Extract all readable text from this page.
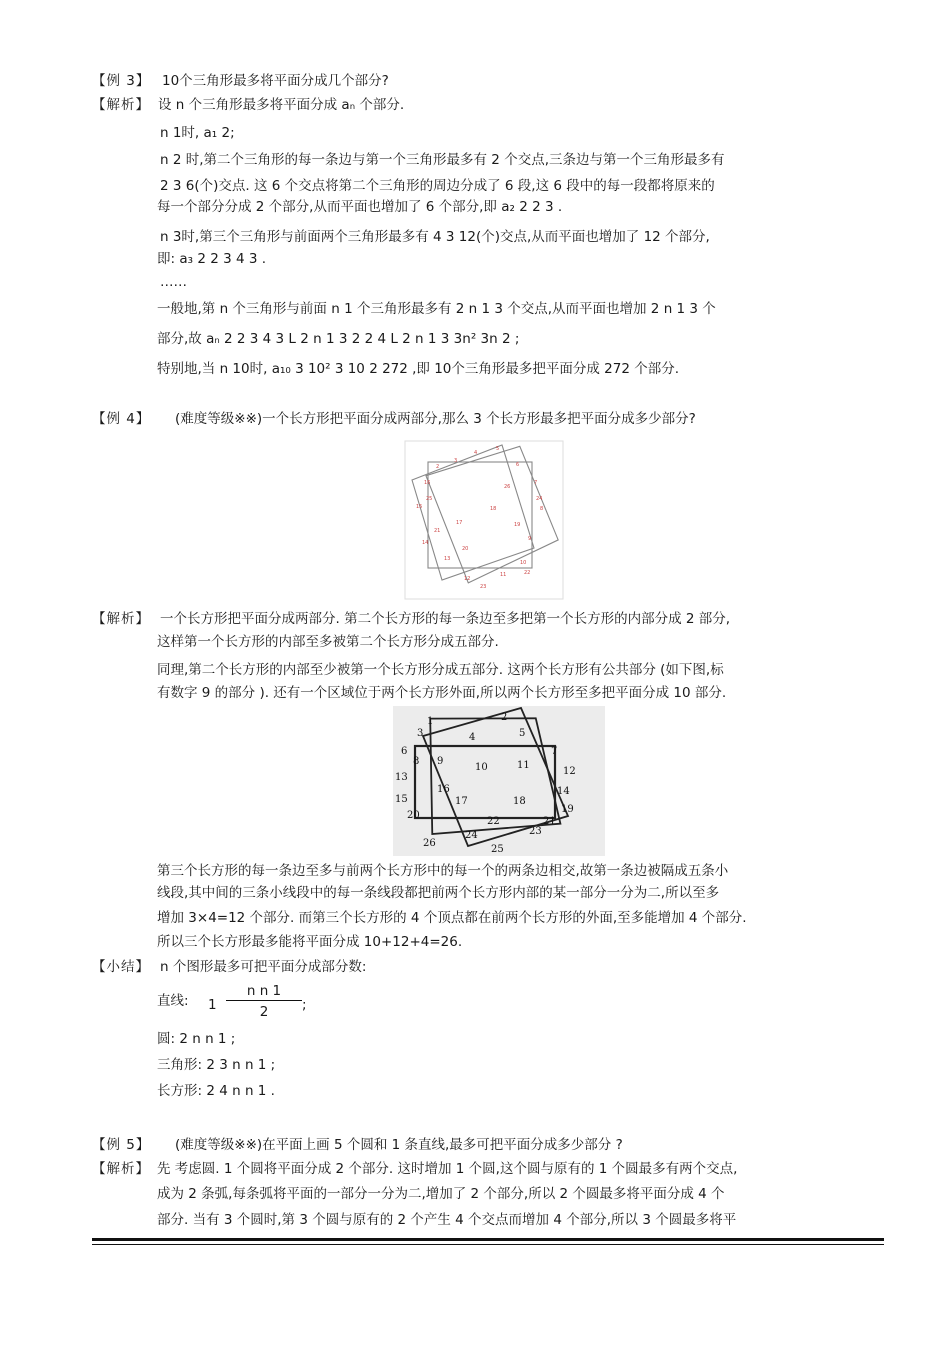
【例 3】 10个三角形最多将平面分成几个部分?
【解析】 设 n 个三角形最多将平面分成 aₙ 个部分.
n 1时, a₁ 2;
n 2 时,第二个三角形的每一条边与第一个三角形最多有 2 个交点,三条边与第一个三角形最多有
2 3 6(个)交点. 这 6 个交点将第二个三角形的周边分成了 6 段,这 6 段中的每一段都将原来的
每一个部分分成 2 个部分,从而平面也增加了 6 个部分,即 a₂ 2 2 3 .
n 3时,第三个三角形与前面两个三角形最多有 4 3 12(个)交点,从而平面也增加了 12 个部分,
即: a₃ 2 2 3 4 3 .
……
一般地,第 n 个三角形与前面 n 1 个三角形最多有 2 n 1 3 个交点,从而平面也增加 2 n 1 3 个
部分,故 aₙ 2 2 3 4 3 L 2 n 1 3 2 2 4 L 2 n 1 3 3n² 3n 2 ;
特别地,当 n 10时, a₁₀ 3 10² 3 10 2 272 ,即 10个三角形最多把平面分成 272 个部分.
【例 4】 (难度等级※※)一个长方形把平面分成两部分,那么 3 个长方形最多把平面分成多少部分?
2
3
4
5
6
7
8
9
10
11
12
13
14
15
16
17
18
19
20
21
22
23
24
25
26
【解析】 一个长方形把平面分成两部分. 第二个长方形的每一条边至多把第一个长方形的内部分成 2 部分,
这样第一个长方形的内部至多被第二个长方形分成五部分.
同理,第二个长方形的内部至少被第一个长方形分成五部分. 这两个长方形有公共部分 (如下图,标
有数字 9 的部分 ). 还有一个区域位于两个长方形外面,所以两个长方形至多把平面分成 10 部分.
1	2
3	4	5
6	7
8 9
10	11
12
13
14
15
16
17	18
19
20
21
22
23
24
25
26
第三个长方形的每一条边至多与前两个长方形中的每一个的两条边相交,故第一条边被隔成五条小
线段,其中间的三条小线段中的每一条线段都把前两个长方形内部的某一部分一分为二,所以至多
增加 3×4=12 个部分. 而第三个长方形的 4 个顶点都在前两个长方形的外面,至多能增加 4 个部分.
所以三个长方形最多能将平面分成 10+12+4=26.
【小结】 n 个图形最多可把平面分成部分数:
直线: $1 \frac{\text{n n 1}}{2}$ ;
圆: 2 n n 1 ;
三角形: 2 3 n n 1 ;
长方形: 2 4 n n 1 .
【例 5】 (难度等级※※)在平面上画 5 个圆和 1 条直线,最多可把平面分成多少部分 ?
【解析】 先 考虑圆. 1 个圆将平面分成 2 个部分. 这时增加 1 个圆,这个圆与原有的 1 个圆最多有两个交点,
成为 2 条弧,每条弧将平面的一部分一分为二,增加了 2 个部分,所以 2 个圆最多将平面分成 4 个
部分. 当有 3 个圆时,第 3 个圆与原有的 2 个产生 4 个交点而增加 4 个部分,所以 3 个圆最多将平
